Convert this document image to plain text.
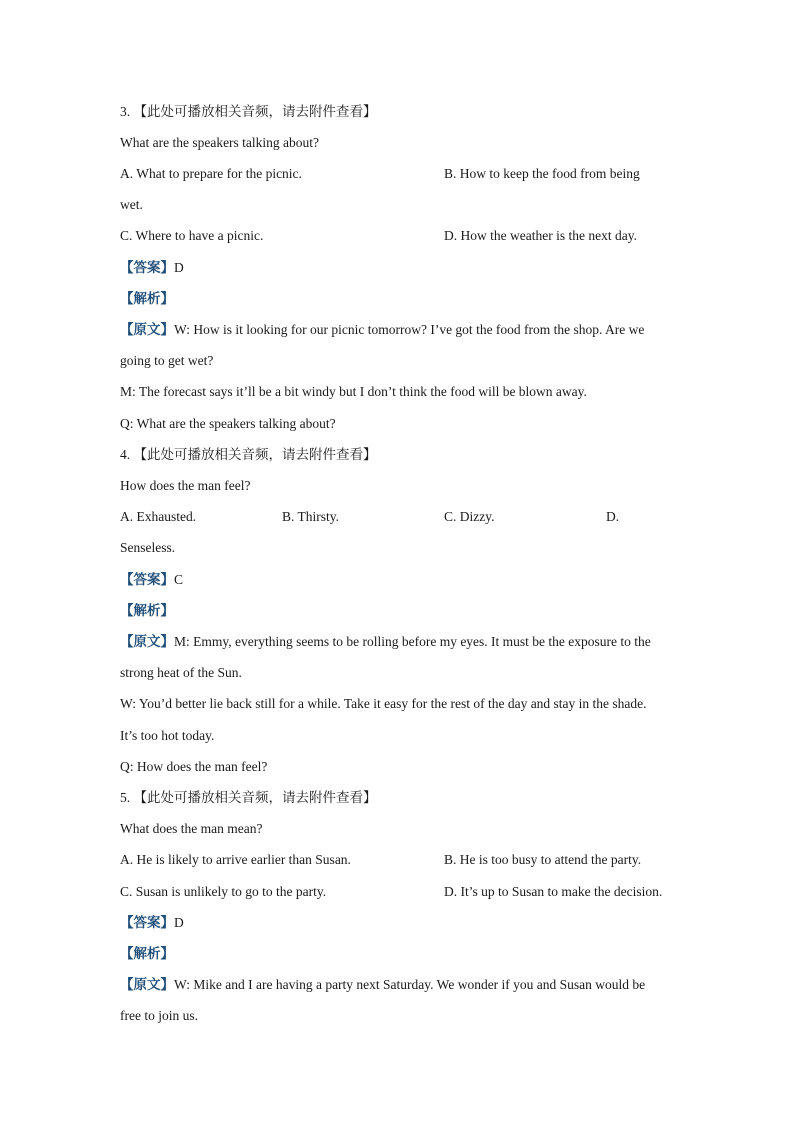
3. 【此处可播放相关音频，请去附件查看】
What are the speakers talking about?
A. What to prepare for the picnic.	B. How to keep the food from being
wet.
C. Where to have a picnic.	D. How the weather is the next day.
【答案】D
【解析】
【原文】W: How is it looking for our picnic tomorrow? I’ve got the food from the shop. Are we
going to get wet?
M: The forecast says it’ll be a bit windy but I don’t think the food will be blown away.
Q: What are the speakers talking about?
4. 【此处可播放相关音频，请去附件查看】
How does the man feel?
A. Exhausted.	B. Thirsty.	C. Dizzy.	D.
Senseless.
【答案】C
【解析】
【原文】M: Emmy, everything seems to be rolling before my eyes. It must be the exposure to the
strong heat of the Sun.
W: You’d better lie back still for a while. Take it easy for the rest of the day and stay in the shade.
It’s too hot today.
Q: How does the man feel?
5. 【此处可播放相关音频，请去附件查看】
What does the man mean?
A. He is likely to arrive earlier than Susan.	B. He is too busy to attend the party.
C. Susan is unlikely to go to the party.	D. It’s up to Susan to make the decision.
【答案】D
【解析】
【原文】W: Mike and I are having a party next Saturday. We wonder if you and Susan would be
free to join us.
